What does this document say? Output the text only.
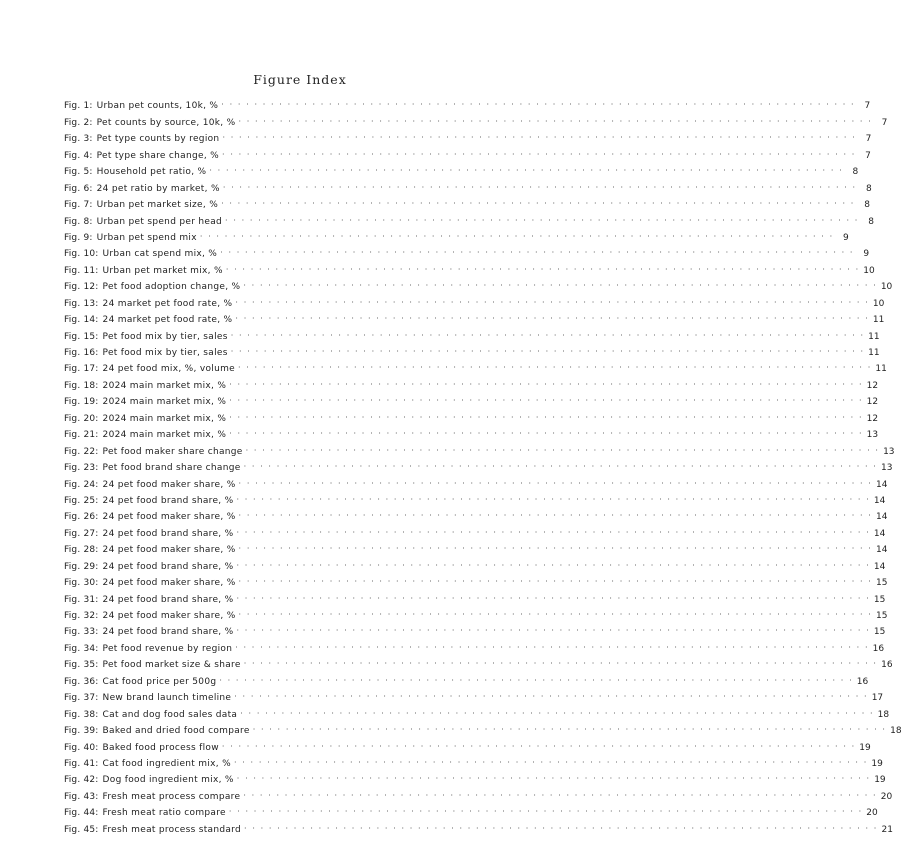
Figure Index
Fig. 1: Urban pet counts, 10k, % · · · · · · · · · · · · · · · · · · · · · · · · · · · · · · · · · · · · · · · · · · · · · · · · · · · · · · · · · · · · · · · · · · · · · · · · · · · · ·	7
Fig. 2: Pet counts by source, 10k, % · · · · · · · · · · · · · · · · · · · · · · · · · · · · · · · · · · · · · · · · · · · · · · · · · · · · · · · · · · · · · · · · · · · · · · · · · · · · ·	7
Fig. 3: Pet type counts by region · · · · · · · · · · · · · · · · · · · · · · · · · · · · · · · · · · · · · · · · · · · · · · · · · · · · · · · · · · · · · · · · · · · · · · · · · · · · ·	7
Fig. 4: Pet type share change, % · · · · · · · · · · · · · · · · · · · · · · · · · · · · · · · · · · · · · · · · · · · · · · · · · · · · · · · · · · · · · · · · · · · · · · · · · · · · ·	7
Fig. 5: Household pet ratio, % · · · · · · · · · · · · · · · · · · · · · · · · · · · · · · · · · · · · · · · · · · · · · · · · · · · · · · · · · · · · · · · · · · · · · · · · · · · · ·	8
Fig. 6: 24 pet ratio by market, % · · · · · · · · · · · · · · · · · · · · · · · · · · · · · · · · · · · · · · · · · · · · · · · · · · · · · · · · · · · · · · · · · · · · · · · · · · · · ·	8
Fig. 7: Urban pet market size, % · · · · · · · · · · · · · · · · · · · · · · · · · · · · · · · · · · · · · · · · · · · · · · · · · · · · · · · · · · · · · · · · · · · · · · · · · · · · ·	8
Fig. 8: Urban pet spend per head · · · · · · · · · · · · · · · · · · · · · · · · · · · · · · · · · · · · · · · · · · · · · · · · · · · · · · · · · · · · · · · · · · · · · · · · · · · · ·	8
Fig. 9: Urban pet spend mix · · · · · · · · · · · · · · · · · · · · · · · · · · · · · · · · · · · · · · · · · · · · · · · · · · · · · · · · · · · · · · · · · · · · · · · · · · · · ·	9
Fig. 10: Urban cat spend mix, % · · · · · · · · · · · · · · · · · · · · · · · · · · · · · · · · · · · · · · · · · · · · · · · · · · · · · · · · · · · · · · · · · · · · · · · · · · · · ·	9
Fig. 11: Urban pet market mix, % · · · · · · · · · · · · · · · · · · · · · · · · · · · · · · · · · · · · · · · · · · · · · · · · · · · · · · · · · · · · · · · · · · · · · · · · · · · · · 10
Fig. 12: Pet food adoption change, % · · · · · · · · · · · · · · · · · · · · · · · · · · · · · · · · · · · · · · · · · · · · · · · · · · · · · · · · · · · · · · · · · · · · · · · · · · · · · 10
Fig. 13: 24 market pet food rate, % · · · · · · · · · · · · · · · · · · · · · · · · · · · · · · · · · · · · · · · · · · · · · · · · · · · · · · · · · · · · · · · · · · · · · · · · · · · · · 10
Fig. 14: 24 market pet food rate, % · · · · · · · · · · · · · · · · · · · · · · · · · · · · · · · · · · · · · · · · · · · · · · · · · · · · · · · · · · · · · · · · · · · · · · · · · · · · · 11
Fig. 15: Pet food mix by tier, sales · · · · · · · · · · · · · · · · · · · · · · · · · · · · · · · · · · · · · · · · · · · · · · · · · · · · · · · · · · · · · · · · · · · · · · · · · · · · · 11
Fig. 16: Pet food mix by tier, sales · · · · · · · · · · · · · · · · · · · · · · · · · · · · · · · · · · · · · · · · · · · · · · · · · · · · · · · · · · · · · · · · · · · · · · · · · · · · · 11
Fig. 17: 24 pet food mix, %, volume · · · · · · · · · · · · · · · · · · · · · · · · · · · · · · · · · · · · · · · · · · · · · · · · · · · · · · · · · · · · · · · · · · · · · · · · · · · · · 11
Fig. 18: 2024 main market mix, % · · · · · · · · · · · · · · · · · · · · · · · · · · · · · · · · · · · · · · · · · · · · · · · · · · · · · · · · · · · · · · · · · · · · · · · · · · · · · 12
Fig. 19: 2024 main market mix, % · · · · · · · · · · · · · · · · · · · · · · · · · · · · · · · · · · · · · · · · · · · · · · · · · · · · · · · · · · · · · · · · · · · · · · · · · · · · · 12
Fig. 20: 2024 main market mix, % · · · · · · · · · · · · · · · · · · · · · · · · · · · · · · · · · · · · · · · · · · · · · · · · · · · · · · · · · · · · · · · · · · · · · · · · · · · · · 12
Fig. 21: 2024 main market mix, % · · · · · · · · · · · · · · · · · · · · · · · · · · · · · · · · · · · · · · · · · · · · · · · · · · · · · · · · · · · · · · · · · · · · · · · · · · · · · 13
Fig. 22: Pet food maker share change · · · · · · · · · · · · · · · · · · · · · · · · · · · · · · · · · · · · · · · · · · · · · · · · · · · · · · · · · · · · · · · · · · · · · · · · · · · · · 13
Fig. 23: Pet food brand share change · · · · · · · · · · · · · · · · · · · · · · · · · · · · · · · · · · · · · · · · · · · · · · · · · · · · · · · · · · · · · · · · · · · · · · · · · · · · · 13
Fig. 24: 24 pet food maker share, % · · · · · · · · · · · · · · · · · · · · · · · · · · · · · · · · · · · · · · · · · · · · · · · · · · · · · · · · · · · · · · · · · · · · · · · · · · · · · 14
Fig. 25: 24 pet food brand share, % · · · · · · · · · · · · · · · · · · · · · · · · · · · · · · · · · · · · · · · · · · · · · · · · · · · · · · · · · · · · · · · · · · · · · · · · · · · · · 14
Fig. 26: 24 pet food maker share, % · · · · · · · · · · · · · · · · · · · · · · · · · · · · · · · · · · · · · · · · · · · · · · · · · · · · · · · · · · · · · · · · · · · · · · · · · · · · · 14
Fig. 27: 24 pet food brand share, % · · · · · · · · · · · · · · · · · · · · · · · · · · · · · · · · · · · · · · · · · · · · · · · · · · · · · · · · · · · · · · · · · · · · · · · · · · · · · 14
Fig. 28: 24 pet food maker share, % · · · · · · · · · · · · · · · · · · · · · · · · · · · · · · · · · · · · · · · · · · · · · · · · · · · · · · · · · · · · · · · · · · · · · · · · · · · · · 14
Fig. 29: 24 pet food brand share, % · · · · · · · · · · · · · · · · · · · · · · · · · · · · · · · · · · · · · · · · · · · · · · · · · · · · · · · · · · · · · · · · · · · · · · · · · · · · · 14
Fig. 30: 24 pet food maker share, % · · · · · · · · · · · · · · · · · · · · · · · · · · · · · · · · · · · · · · · · · · · · · · · · · · · · · · · · · · · · · · · · · · · · · · · · · · · · · 15
Fig. 31: 24 pet food brand share, % · · · · · · · · · · · · · · · · · · · · · · · · · · · · · · · · · · · · · · · · · · · · · · · · · · · · · · · · · · · · · · · · · · · · · · · · · · · · · 15
Fig. 32: 24 pet food maker share, % · · · · · · · · · · · · · · · · · · · · · · · · · · · · · · · · · · · · · · · · · · · · · · · · · · · · · · · · · · · · · · · · · · · · · · · · · · · · · 15
Fig. 33: 24 pet food brand share, % · · · · · · · · · · · · · · · · · · · · · · · · · · · · · · · · · · · · · · · · · · · · · · · · · · · · · · · · · · · · · · · · · · · · · · · · · · · · · 15
Fig. 34: Pet food revenue by region · · · · · · · · · · · · · · · · · · · · · · · · · · · · · · · · · · · · · · · · · · · · · · · · · · · · · · · · · · · · · · · · · · · · · · · · · · · · · 16
Fig. 35: Pet food market size & share · · · · · · · · · · · · · · · · · · · · · · · · · · · · · · · · · · · · · · · · · · · · · · · · · · · · · · · · · · · · · · · · · · · · · · · · · · · · · 16
Fig. 36: Cat food price per 500g · · · · · · · · · · · · · · · · · · · · · · · · · · · · · · · · · · · · · · · · · · · · · · · · · · · · · · · · · · · · · · · · · · · · · · · · · · · · · 16
Fig. 37: New brand launch timeline · · · · · · · · · · · · · · · · · · · · · · · · · · · · · · · · · · · · · · · · · · · · · · · · · · · · · · · · · · · · · · · · · · · · · · · · · · · · · 17
Fig. 38: Cat and dog food sales data · · · · · · · · · · · · · · · · · · · · · · · · · · · · · · · · · · · · · · · · · · · · · · · · · · · · · · · · · · · · · · · · · · · · · · · · · · · · · 18
Fig. 39: Baked and dried food compare · · · · · · · · · · · · · · · · · · · · · · · · · · · · · · · · · · · · · · · · · · · · · · · · · · · · · · · · · · · · · · · · · · · · · · · · · · · · · 18
Fig. 40: Baked food process flow · · · · · · · · · · · · · · · · · · · · · · · · · · · · · · · · · · · · · · · · · · · · · · · · · · · · · · · · · · · · · · · · · · · · · · · · · · · · · 19
Fig. 41: Cat food ingredient mix, % · · · · · · · · · · · · · · · · · · · · · · · · · · · · · · · · · · · · · · · · · · · · · · · · · · · · · · · · · · · · · · · · · · · · · · · · · · · · · 19
Fig. 42: Dog food ingredient mix, % · · · · · · · · · · · · · · · · · · · · · · · · · · · · · · · · · · · · · · · · · · · · · · · · · · · · · · · · · · · · · · · · · · · · · · · · · · · · · 19
Fig. 43: Fresh meat process compare · · · · · · · · · · · · · · · · · · · · · · · · · · · · · · · · · · · · · · · · · · · · · · · · · · · · · · · · · · · · · · · · · · · · · · · · · · · · · 20
Fig. 44: Fresh meat ratio compare · · · · · · · · · · · · · · · · · · · · · · · · · · · · · · · · · · · · · · · · · · · · · · · · · · · · · · · · · · · · · · · · · · · · · · · · · · · · · 20
Fig. 45: Fresh meat process standard · · · · · · · · · · · · · · · · · · · · · · · · · · · · · · · · · · · · · · · · · · · · · · · · · · · · · · · · · · · · · · · · · · · · · · · · · · · · · 21
